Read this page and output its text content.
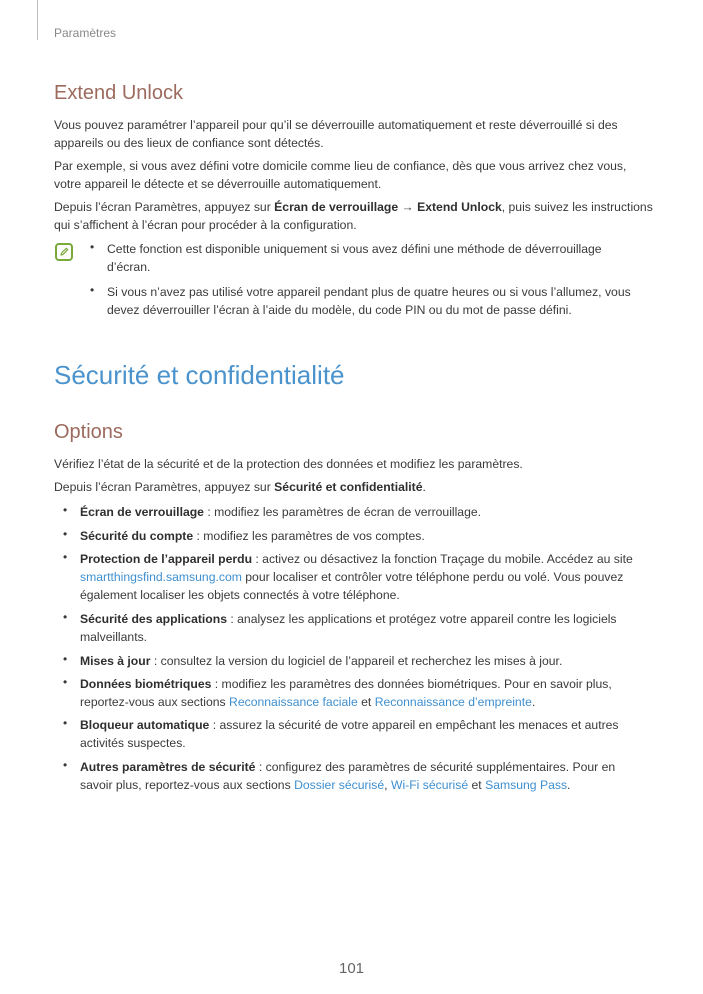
Paramètres
Extend Unlock

Vous pouvez paramétrer l’appareil pour qu’il se déverrouille automatiquement et reste déverrouillé si des appareils ou des lieux de confiance sont détectés.

Par exemple, si vous avez défini votre domicile comme lieu de confiance, dès que vous arrivez chez vous, votre appareil le détecte et se déverrouille automatiquement.

Depuis l’écran Paramètres, appuyez sur Écran de verrouillage → Extend Unlock, puis suivez les instructions qui s’affichent à l’écran pour procéder à la configuration.

• Cette fonction est disponible uniquement si vous avez défini une méthode de déverrouillage d’écran.

• Si vous n’avez pas utilisé votre appareil pendant plus de quatre heures ou si vous l’allumez, vous devez déverrouiller l’écran à l’aide du modèle, du code PIN ou du mot de passe défini.

Sécurité et confidentialité
Options

Vérifiez l’état de la sécurité et de la protection des données et modifiez les paramètres.

Depuis l’écran Paramètres, appuyez sur Sécurité et confidentialité.

• Écran de verrouillage : modifiez les paramètres de écran de verrouillage.

• Sécurité du compte : modifiez les paramètres de vos comptes.

• Protection de l’appareil perdu : activez ou désactivez la fonction Traçage du mobile. Accédez au site smartthingsfind.samsung.com pour localiser et contrôler votre téléphone perdu ou volé. Vous pouvez également localiser les objets connectés à votre téléphone.

• Sécurité des applications : analysez les applications et protégez votre appareil contre les logiciels malveillants.

• Mises à jour : consultez la version du logiciel de l’appareil et recherchez les mises à jour.

• Données biométriques : modifiez les paramètres des données biométriques. Pour en savoir plus, reportez-vous aux sections Reconnaissance faciale et Reconnaissance d’empreinte.

• Bloqueur automatique : assurez la sécurité de votre appareil en empêchant les menaces et autres activités suspectes.

• Autres paramètres de sécurité : configurez des paramètres de sécurité supplémentaires. Pour en savoir plus, reportez-vous aux sections Dossier sécurisé, Wi-Fi sécurisé et Samsung Pass.

101
